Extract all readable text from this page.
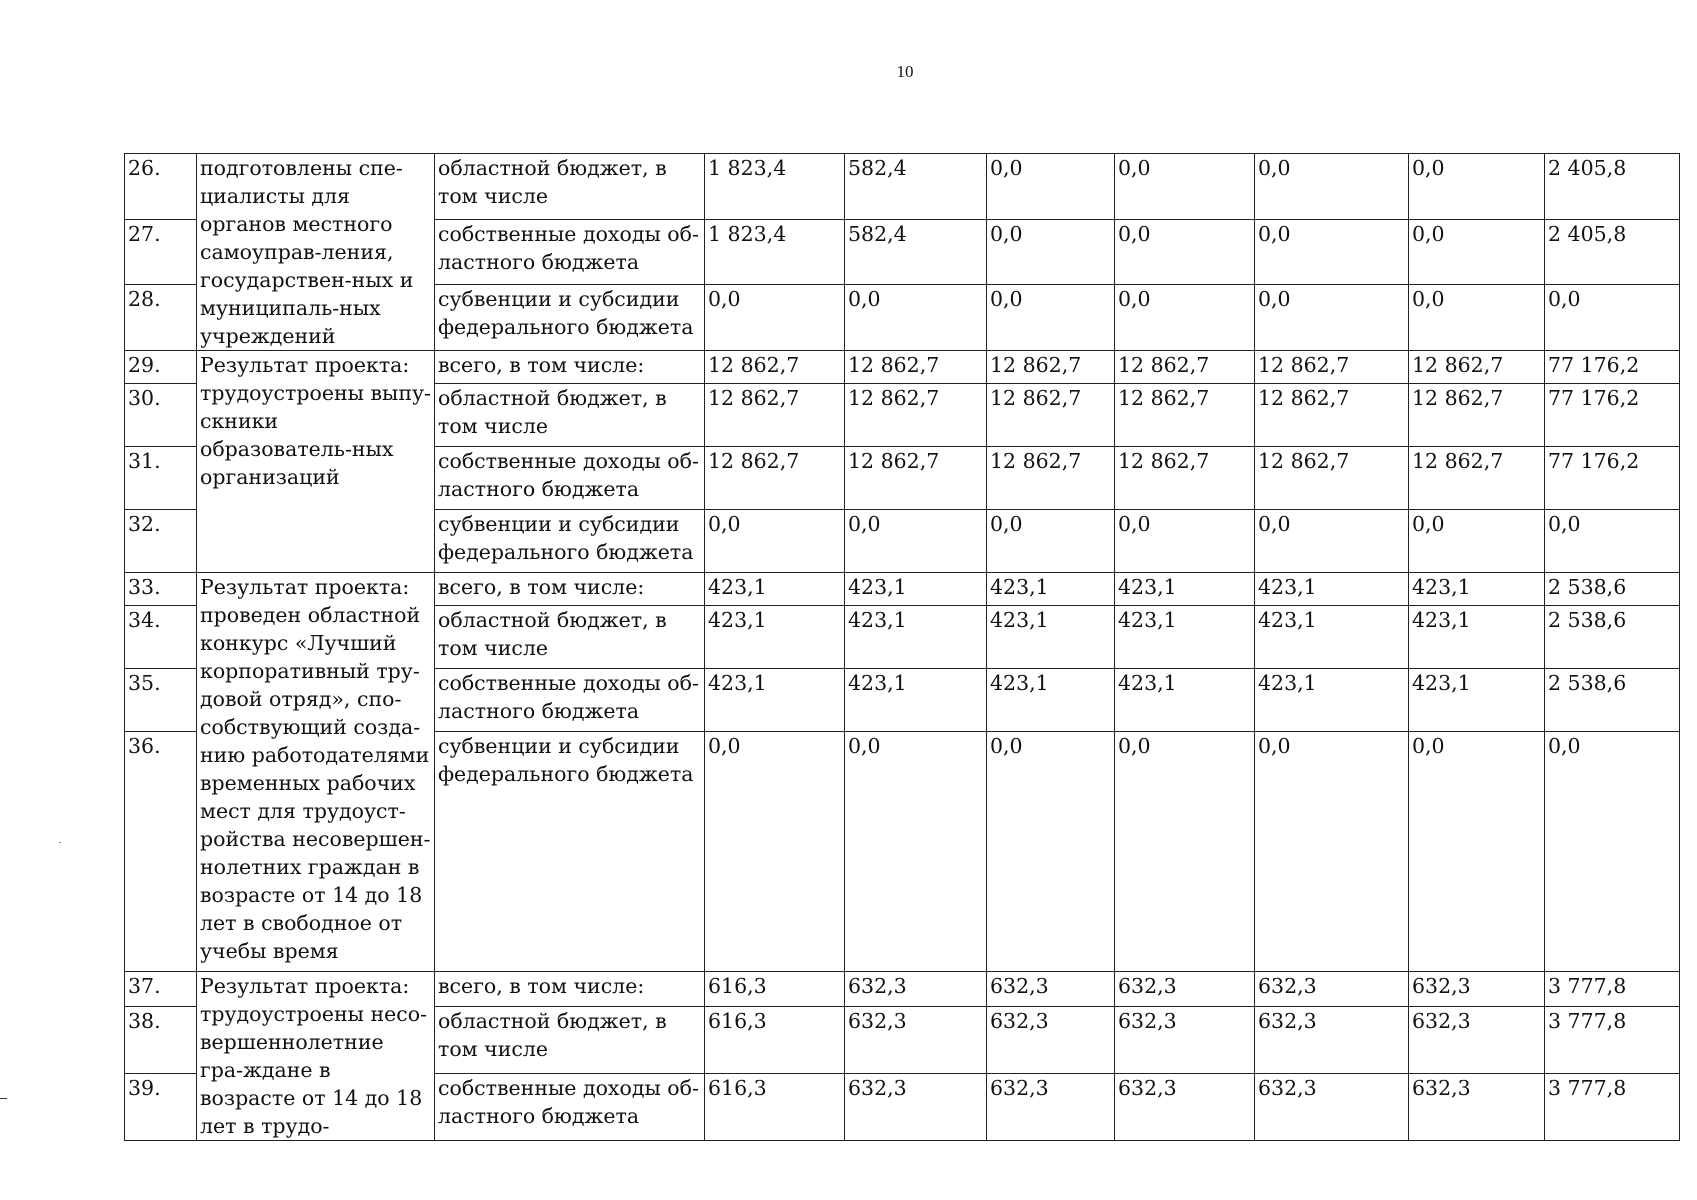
10
26.	подготовлены спе-циалисты для органов местного самоуправ-ления, государствен-ных и муниципаль-ных учреждений	областной бюджет, в том числе	1 823,4	582,4	0,0	0,0	0,0	0,0	2 405,8
27.		собственные доходы об-ластного бюджета	1 823,4	582,4	0,0	0,0	0,0	0,0	2 405,8
28.		субвенции и субсидии федерального бюджета	0,0	0,0	0,0	0,0	0,0	0,0	0,0
29.	Результат проекта: трудоустроены выпу-скники образователь-ных организаций	всего, в том числе:	12 862,7	12 862,7	12 862,7	12 862,7	12 862,7	12 862,7	77 176,2
30.		областной бюджет, в том числе	12 862,7	12 862,7	12 862,7	12 862,7	12 862,7	12 862,7	77 176,2
31.		собственные доходы об-ластного бюджета	12 862,7	12 862,7	12 862,7	12 862,7	12 862,7	12 862,7	77 176,2
32.		субвенции и субсидии федерального бюджета	0,0	0,0	0,0	0,0	0,0	0,0	0,0
33.	Результат проекта: проведен областной конкурс «Лучший корпоративный тру-довой отряд», спо-собствующий созда-нию работодателями временных рабочих мест для трудоуст-ройства несовершен-нолетних граждан в возрасте от 14 до 18 лет в свободное от учебы время	всего, в том числе:	423,1	423,1	423,1	423,1	423,1	423,1	2 538,6
34.		областной бюджет, в том числе	423,1	423,1	423,1	423,1	423,1	423,1	2 538,6
35.		собственные доходы об-ластного бюджета	423,1	423,1	423,1	423,1	423,1	423,1	2 538,6
36.		субвенции и субсидии федерального бюджета	0,0	0,0	0,0	0,0	0,0	0,0	0,0
37.	Результат проекта: трудоустроены несо-вершеннолетние гра-ждане в возрасте от 14 до 18 лет в трудо-	всего, в том числе:	616,3	632,3	632,3	632,3	632,3	632,3	3 777,8
38.		областной бюджет, в том числе	616,3	632,3	632,3	632,3	632,3	632,3	3 777,8
39.		собственные доходы об-ластного бюджета	616,3	632,3	632,3	632,3	632,3	632,3	3 777,8
